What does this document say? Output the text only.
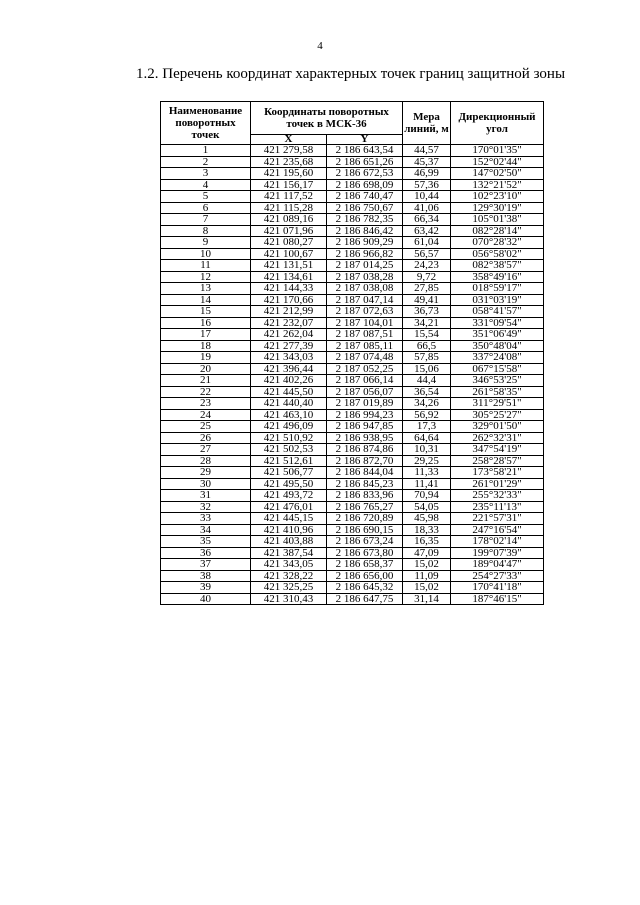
4
1.2. Перечень координат характерных точек границ защитной зоны
Наименование поворотных точек	Координаты поворотных точек в МСК-36		Мера линий, м	Дирекционный угол
	X	Y		
1	421 279,58	2 186 643,54	44,57	170°01'35"
2	421 235,68	2 186 651,26	45,37	152°02'44"
3	421 195,60	2 186 672,53	46,99	147°02'50"
4	421 156,17	2 186 698,09	57,36	132°21'52"
5	421 117,52	2 186 740,47	10,44	102°23'10"
6	421 115,28	2 186 750,67	41,06	129°30'19"
7	421 089,16	2 186 782,35	66,34	105°01'38"
8	421 071,96	2 186 846,42	63,42	082°28'14"
9	421 080,27	2 186 909,29	61,04	070°28'32"
10	421 100,67	2 186 966,82	56,57	056°58'02"
11	421 131,51	2 187 014,25	24,23	082°38'57"
12	421 134,61	2 187 038,28	9,72	358°49'16"
13	421 144,33	2 187 038,08	27,85	018°59'17"
14	421 170,66	2 187 047,14	49,41	031°03'19"
15	421 212,99	2 187 072,63	36,73	058°41'57"
16	421 232,07	2 187 104,01	34,21	331°09'54"
17	421 262,04	2 187 087,51	15,54	351°06'49"
18	421 277,39	2 187 085,11	66,5	350°48'04"
19	421 343,03	2 187 074,48	57,85	337°24'08"
20	421 396,44	2 187 052,25	15,06	067°15'58"
21	421 402,26	2 187 066,14	44,4	346°53'25"
22	421 445,50	2 187 056,07	36,54	261°58'35"
23	421 440,40	2 187 019,89	34,26	311°29'51"
24	421 463,10	2 186 994,23	56,92	305°25'27"
25	421 496,09	2 186 947,85	17,3	329°01'50"
26	421 510,92	2 186 938,95	64,64	262°32'31"
27	421 502,53	2 186 874,86	10,31	347°54'19"
28	421 512,61	2 186 872,70	29,25	258°28'57"
29	421 506,77	2 186 844,04	11,33	173°58'21"
30	421 495,50	2 186 845,23	11,41	261°01'29"
31	421 493,72	2 186 833,96	70,94	255°32'33"
32	421 476,01	2 186 765,27	54,05	235°11'13"
33	421 445,15	2 186 720,89	45,98	221°57'31"
34	421 410,96	2 186 690,15	18,33	247°16'54"
35	421 403,88	2 186 673,24	16,35	178°02'14"
36	421 387,54	2 186 673,80	47,09	199°07'39"
37	421 343,05	2 186 658,37	15,02	189°04'47"
38	421 328,22	2 186 656,00	11,09	254°27'33"
39	421 325,25	2 186 645,32	15,02	170°41'18"
40	421 310,43	2 186 647,75	31,14	187°46'15"
